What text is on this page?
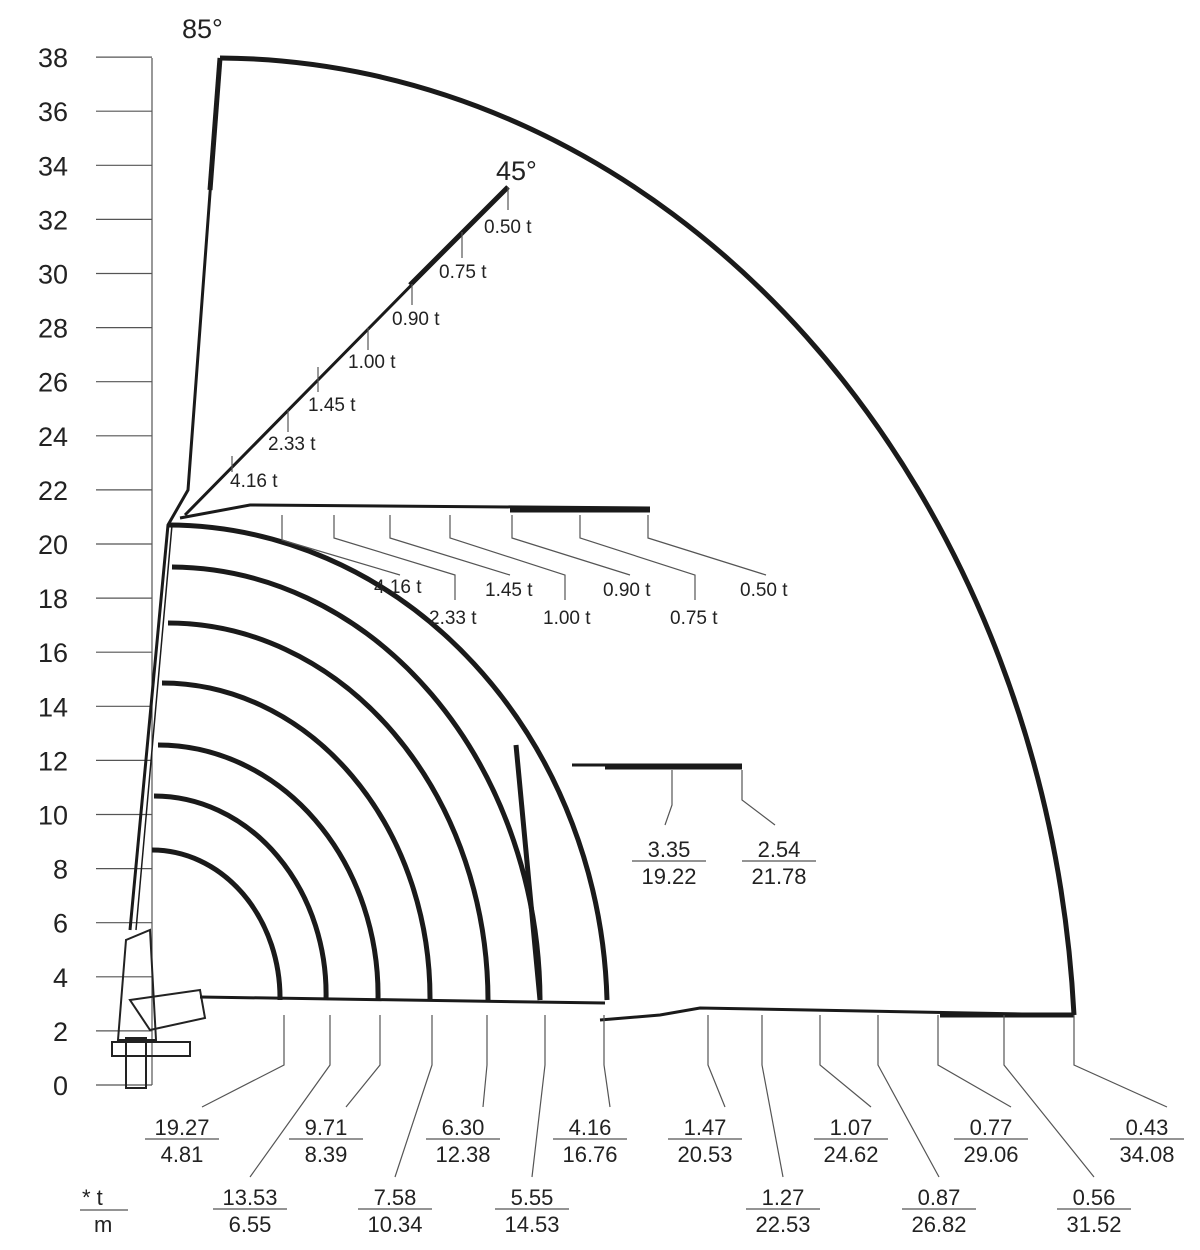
0
2
4
6
8
10
12
14
16
18
20
22
24
26
28
30
32
34
36
38
0.50 t
0.75 t
0.90 t
1.00 t
1.45 t
2.33 t
4.16 t
85°
45°
4.16 t
2.33 t
1.45 t
1.00 t
0.90 t
0.75 t
0.50 t
3.35
19.22
2.54
21.78
19.27
4.81
13.53
6.55
9.71
8.39
7.58
10.34
6.30
12.38
5.55
14.53
4.16
16.76
1.47
20.53
1.27
22.53
1.07
24.62
0.87
26.82
0.77
29.06
0.56
31.52
0.43
34.08
* t
m
